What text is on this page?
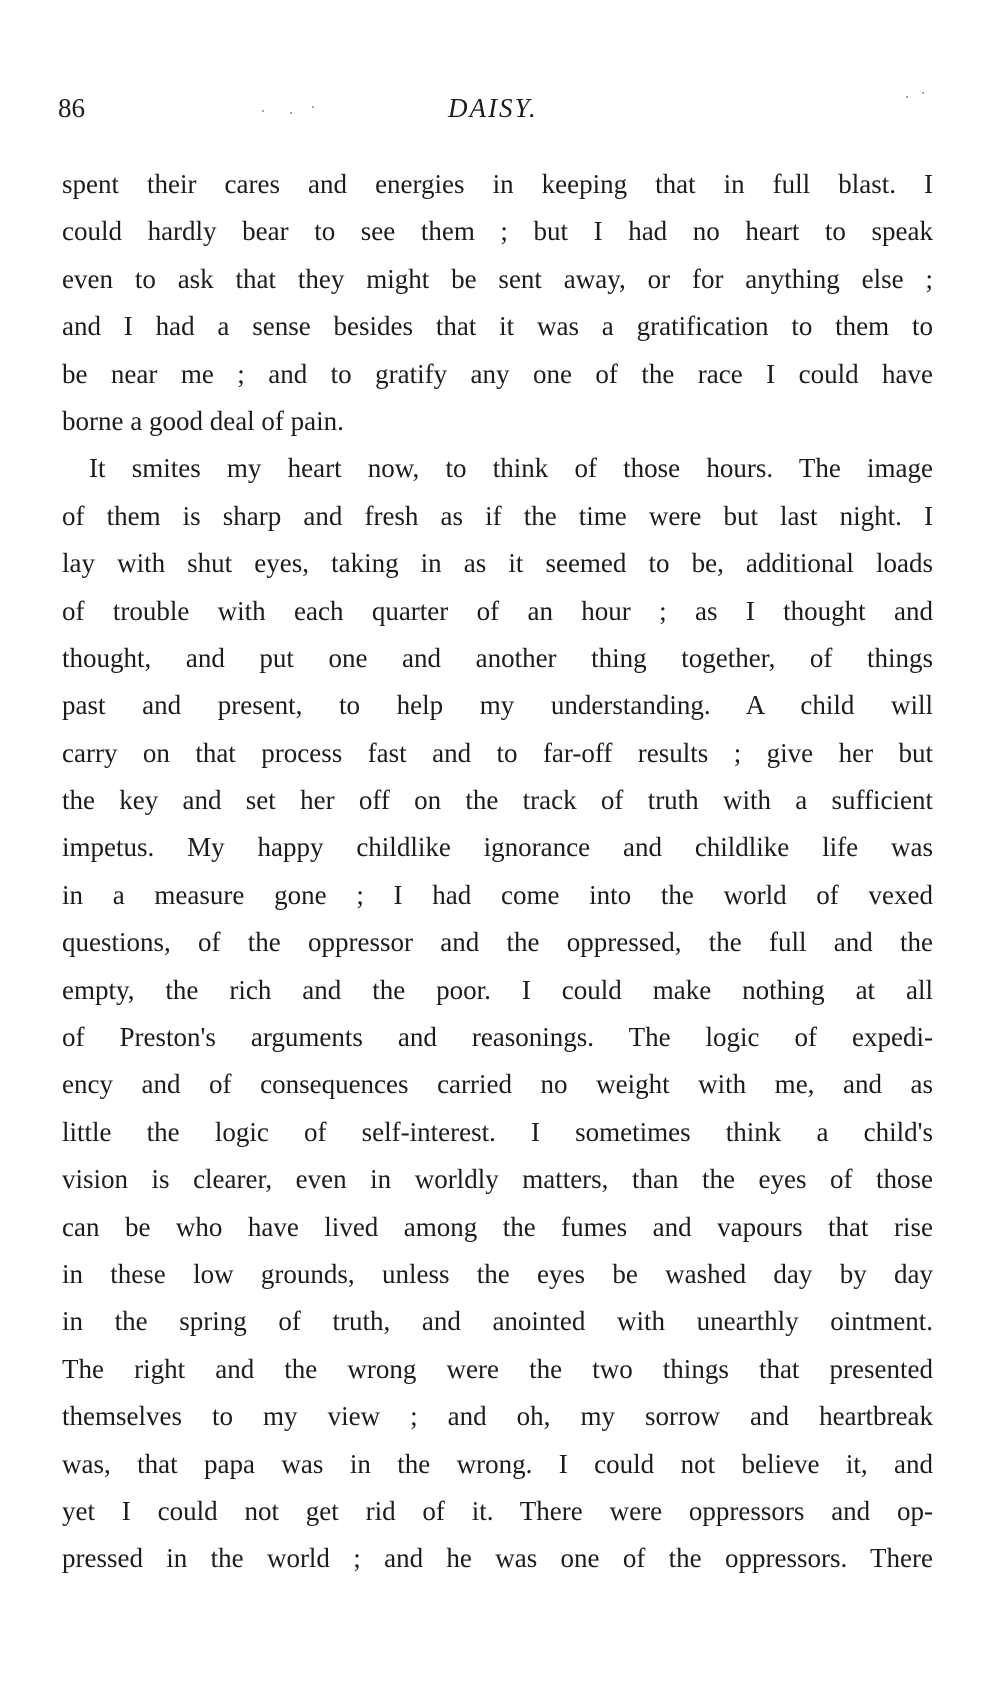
86	DAISY.
spent their cares and energies in keeping that in full blast. I
could hardly bear to see them ; but I had no heart to speak
even to ask that they might be sent away, or for anything else ;
and I had a sense besides that it was a gratification to them to
be near me ; and to gratify any one of the race I could have
borne a good deal of pain.
It smites my heart now, to think of those hours. The image
of them is sharp and fresh as if the time were but last night. I
lay with shut eyes, taking in as it seemed to be, additional loads
of trouble with each quarter of an hour ; as I thought and
thought, and put one and another thing together, of things
past and present, to help my understanding. A child will
carry on that process fast and to far-off results ; give her but
the key and set her off on the track of truth with a sufficient
impetus. My happy childlike ignorance and childlike life was
in a measure gone ; I had come into the world of vexed
questions, of the oppressor and the oppressed, the full and the
empty, the rich and the poor. I could make nothing at all
of Preston's arguments and reasonings. The logic of expedi-
ency and of consequences carried no weight with me, and as
little the logic of self-interest. I sometimes think a child's
vision is clearer, even in worldly matters, than the eyes of those
can be who have lived among the fumes and vapours that rise
in these low grounds, unless the eyes be washed day by day
in the spring of truth, and anointed with unearthly ointment.
The right and the wrong were the two things that presented
themselves to my view ; and oh, my sorrow and heartbreak
was, that papa was in the wrong. I could not believe it, and
yet I could not get rid of it. There were oppressors and op-
pressed in the world ; and he was one of the oppressors. There
